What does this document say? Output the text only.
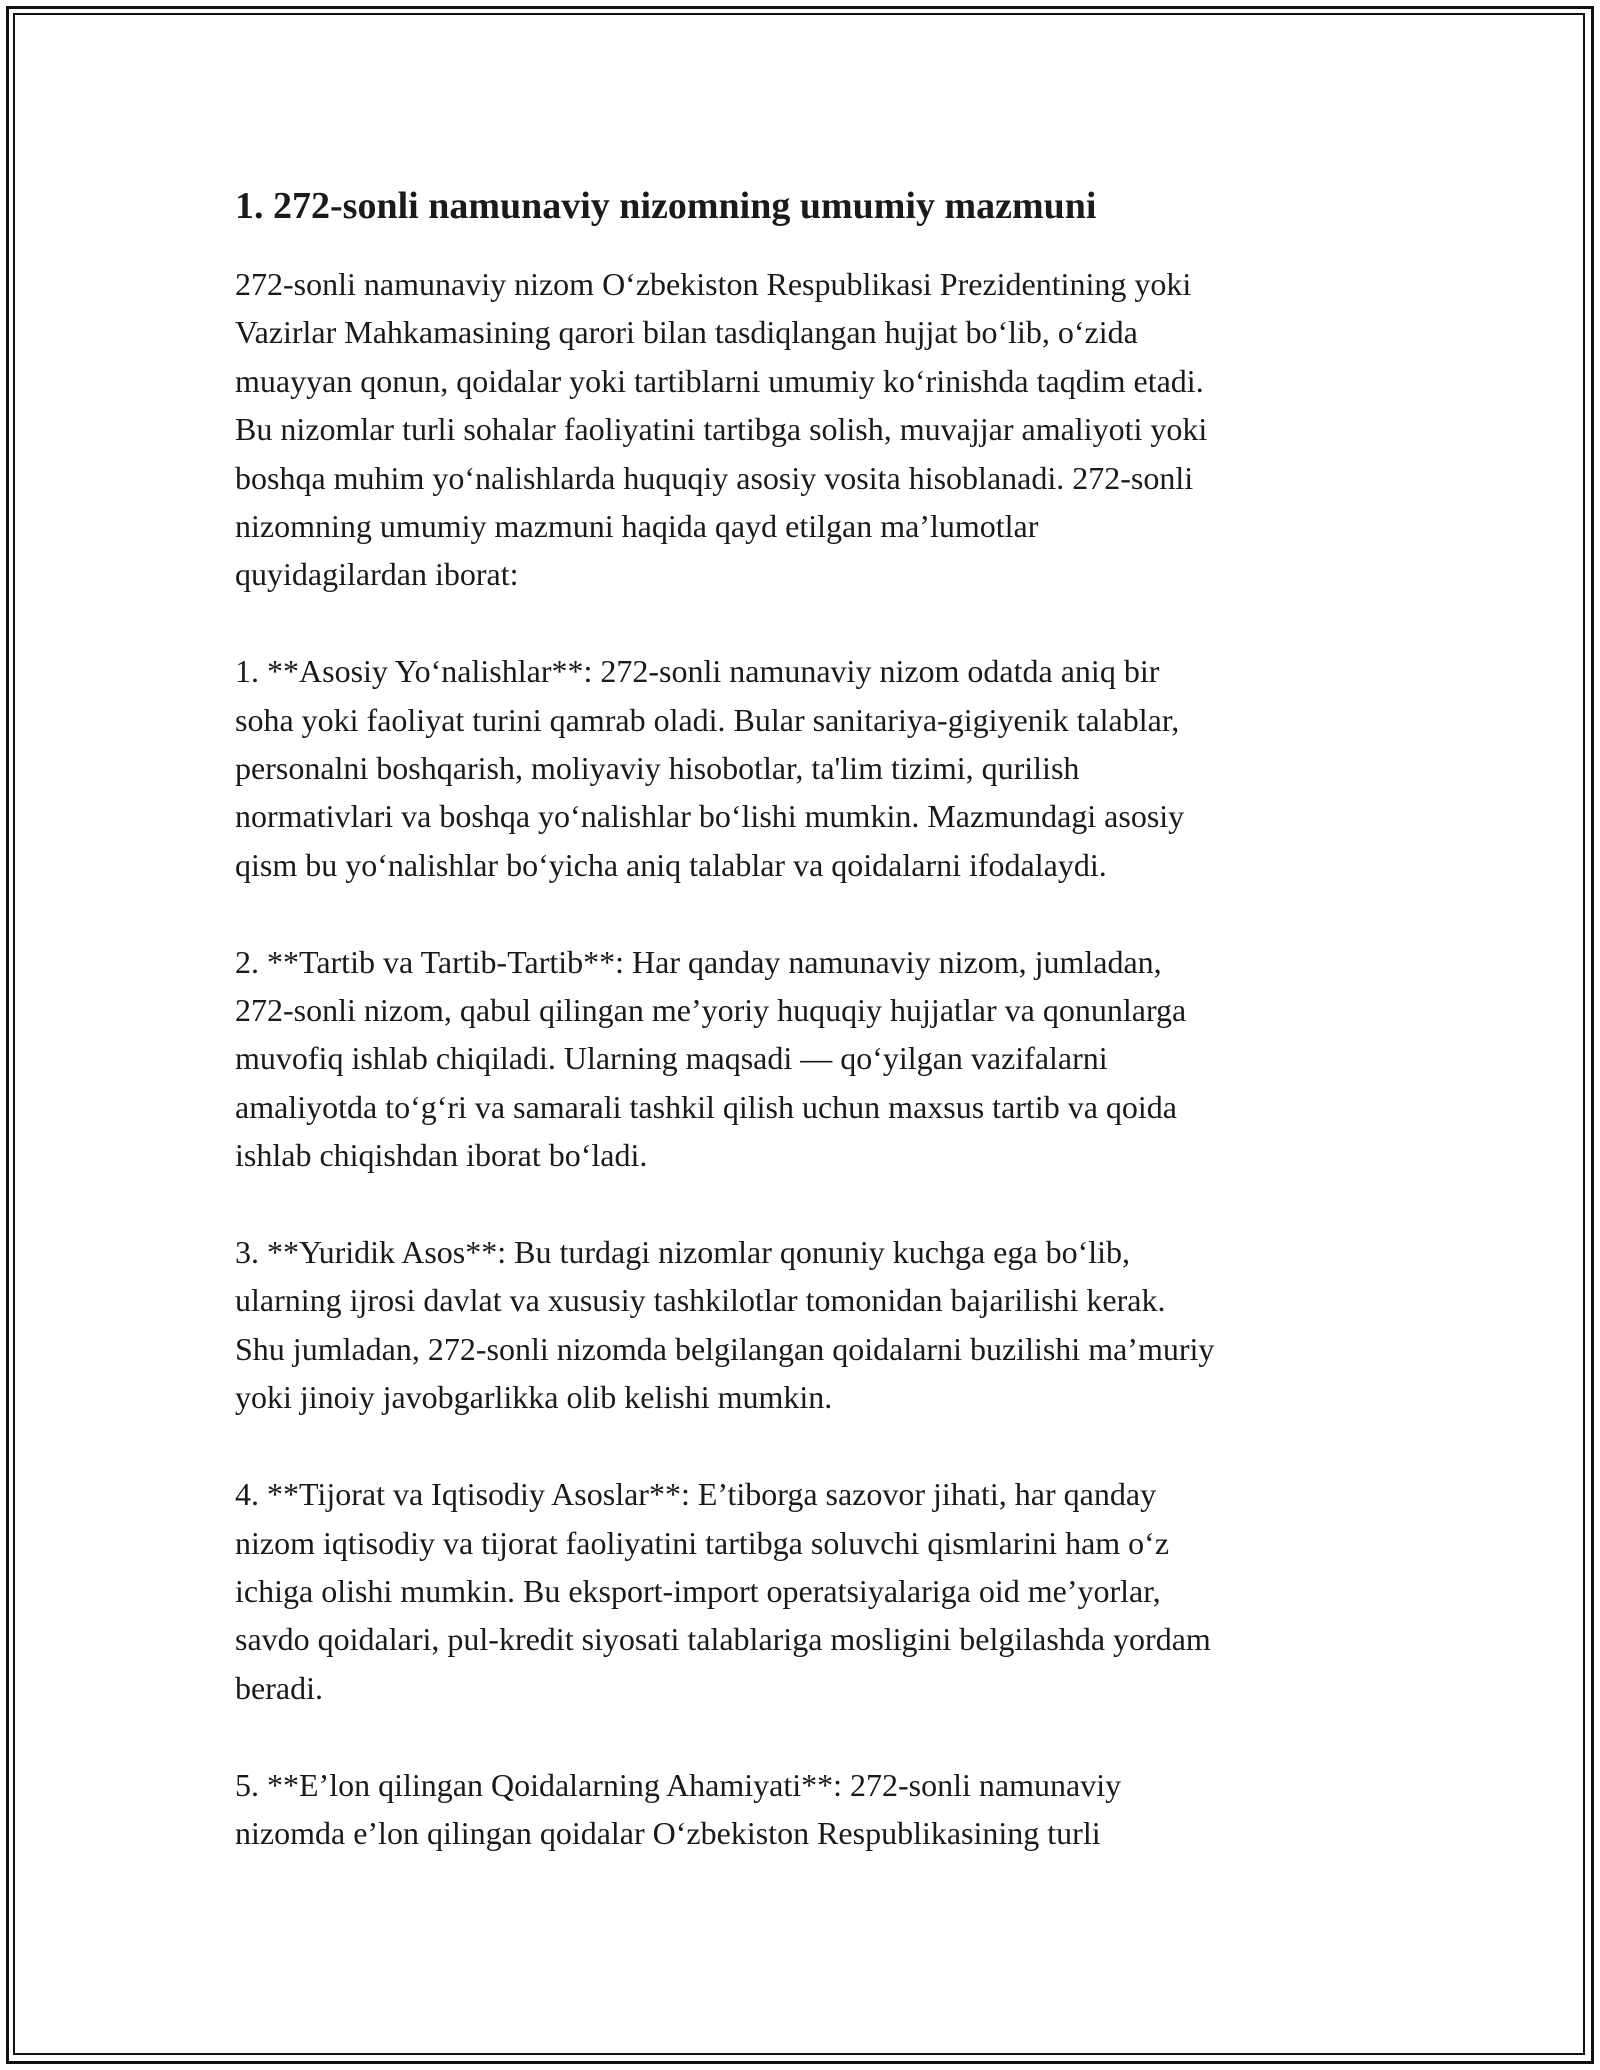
1. 272-sonli namunaviy nizomning umumiy mazmuni
272-sonli namunaviy nizom O‘zbekiston Respublikasi Prezidentining yoki
Vazirlar Mahkamasining qarori bilan tasdiqlangan hujjat bo‘lib, o‘zida
muayyan qonun, qoidalar yoki tartiblarni umumiy ko‘rinishda taqdim etadi.
Bu nizomlar turli sohalar faoliyatini tartibga solish, muvajjar amaliyoti yoki
boshqa muhim yo‘nalishlarda huquqiy asosiy vosita hisoblanadi. 272-sonli
nizomning umumiy mazmuni haqida qayd etilgan ma’lumotlar
quyidagilardan iborat:
1. **Asosiy Yo‘nalishlar**: 272-sonli namunaviy nizom odatda aniq bir
soha yoki faoliyat turini qamrab oladi. Bular sanitariya-gigiyenik talablar,
personalni boshqarish, moliyaviy hisobotlar, ta'lim tizimi, qurilish
normativlari va boshqa yo‘nalishlar bo‘lishi mumkin. Mazmundagi asosiy
qism bu yo‘nalishlar bo‘yicha aniq talablar va qoidalarni ifodalaydi.
2. **Tartib va Tartib-Tartib**: Har qanday namunaviy nizom, jumladan,
272-sonli nizom, qabul qilingan me’yoriy huquqiy hujjatlar va qonunlarga
muvofiq ishlab chiqiladi. Ularning maqsadi — qo‘yilgan vazifalarni
amaliyotda to‘g‘ri va samarali tashkil qilish uchun maxsus tartib va qoida
ishlab chiqishdan iborat bo‘ladi.
3. **Yuridik Asos**: Bu turdagi nizomlar qonuniy kuchga ega bo‘lib,
ularning ijrosi davlat va xususiy tashkilotlar tomonidan bajarilishi kerak.
Shu jumladan, 272-sonli nizomda belgilangan qoidalarni buzilishi ma’muriy
yoki jinoiy javobgarlikka olib kelishi mumkin.
4. **Tijorat va Iqtisodiy Asoslar**: E’tiborga sazovor jihati, har qanday
nizom iqtisodiy va tijorat faoliyatini tartibga soluvchi qismlarini ham o‘z
ichiga olishi mumkin. Bu eksport-import operatsiyalariga oid me’yorlar,
savdo qoidalari, pul-kredit siyosati talablariga mosligini belgilashda yordam
beradi.
5. **E’lon qilingan Qoidalarning Ahamiyati**: 272-sonli namunaviy
nizomda e’lon qilingan qoidalar O‘zbekiston Respublikasining turli
